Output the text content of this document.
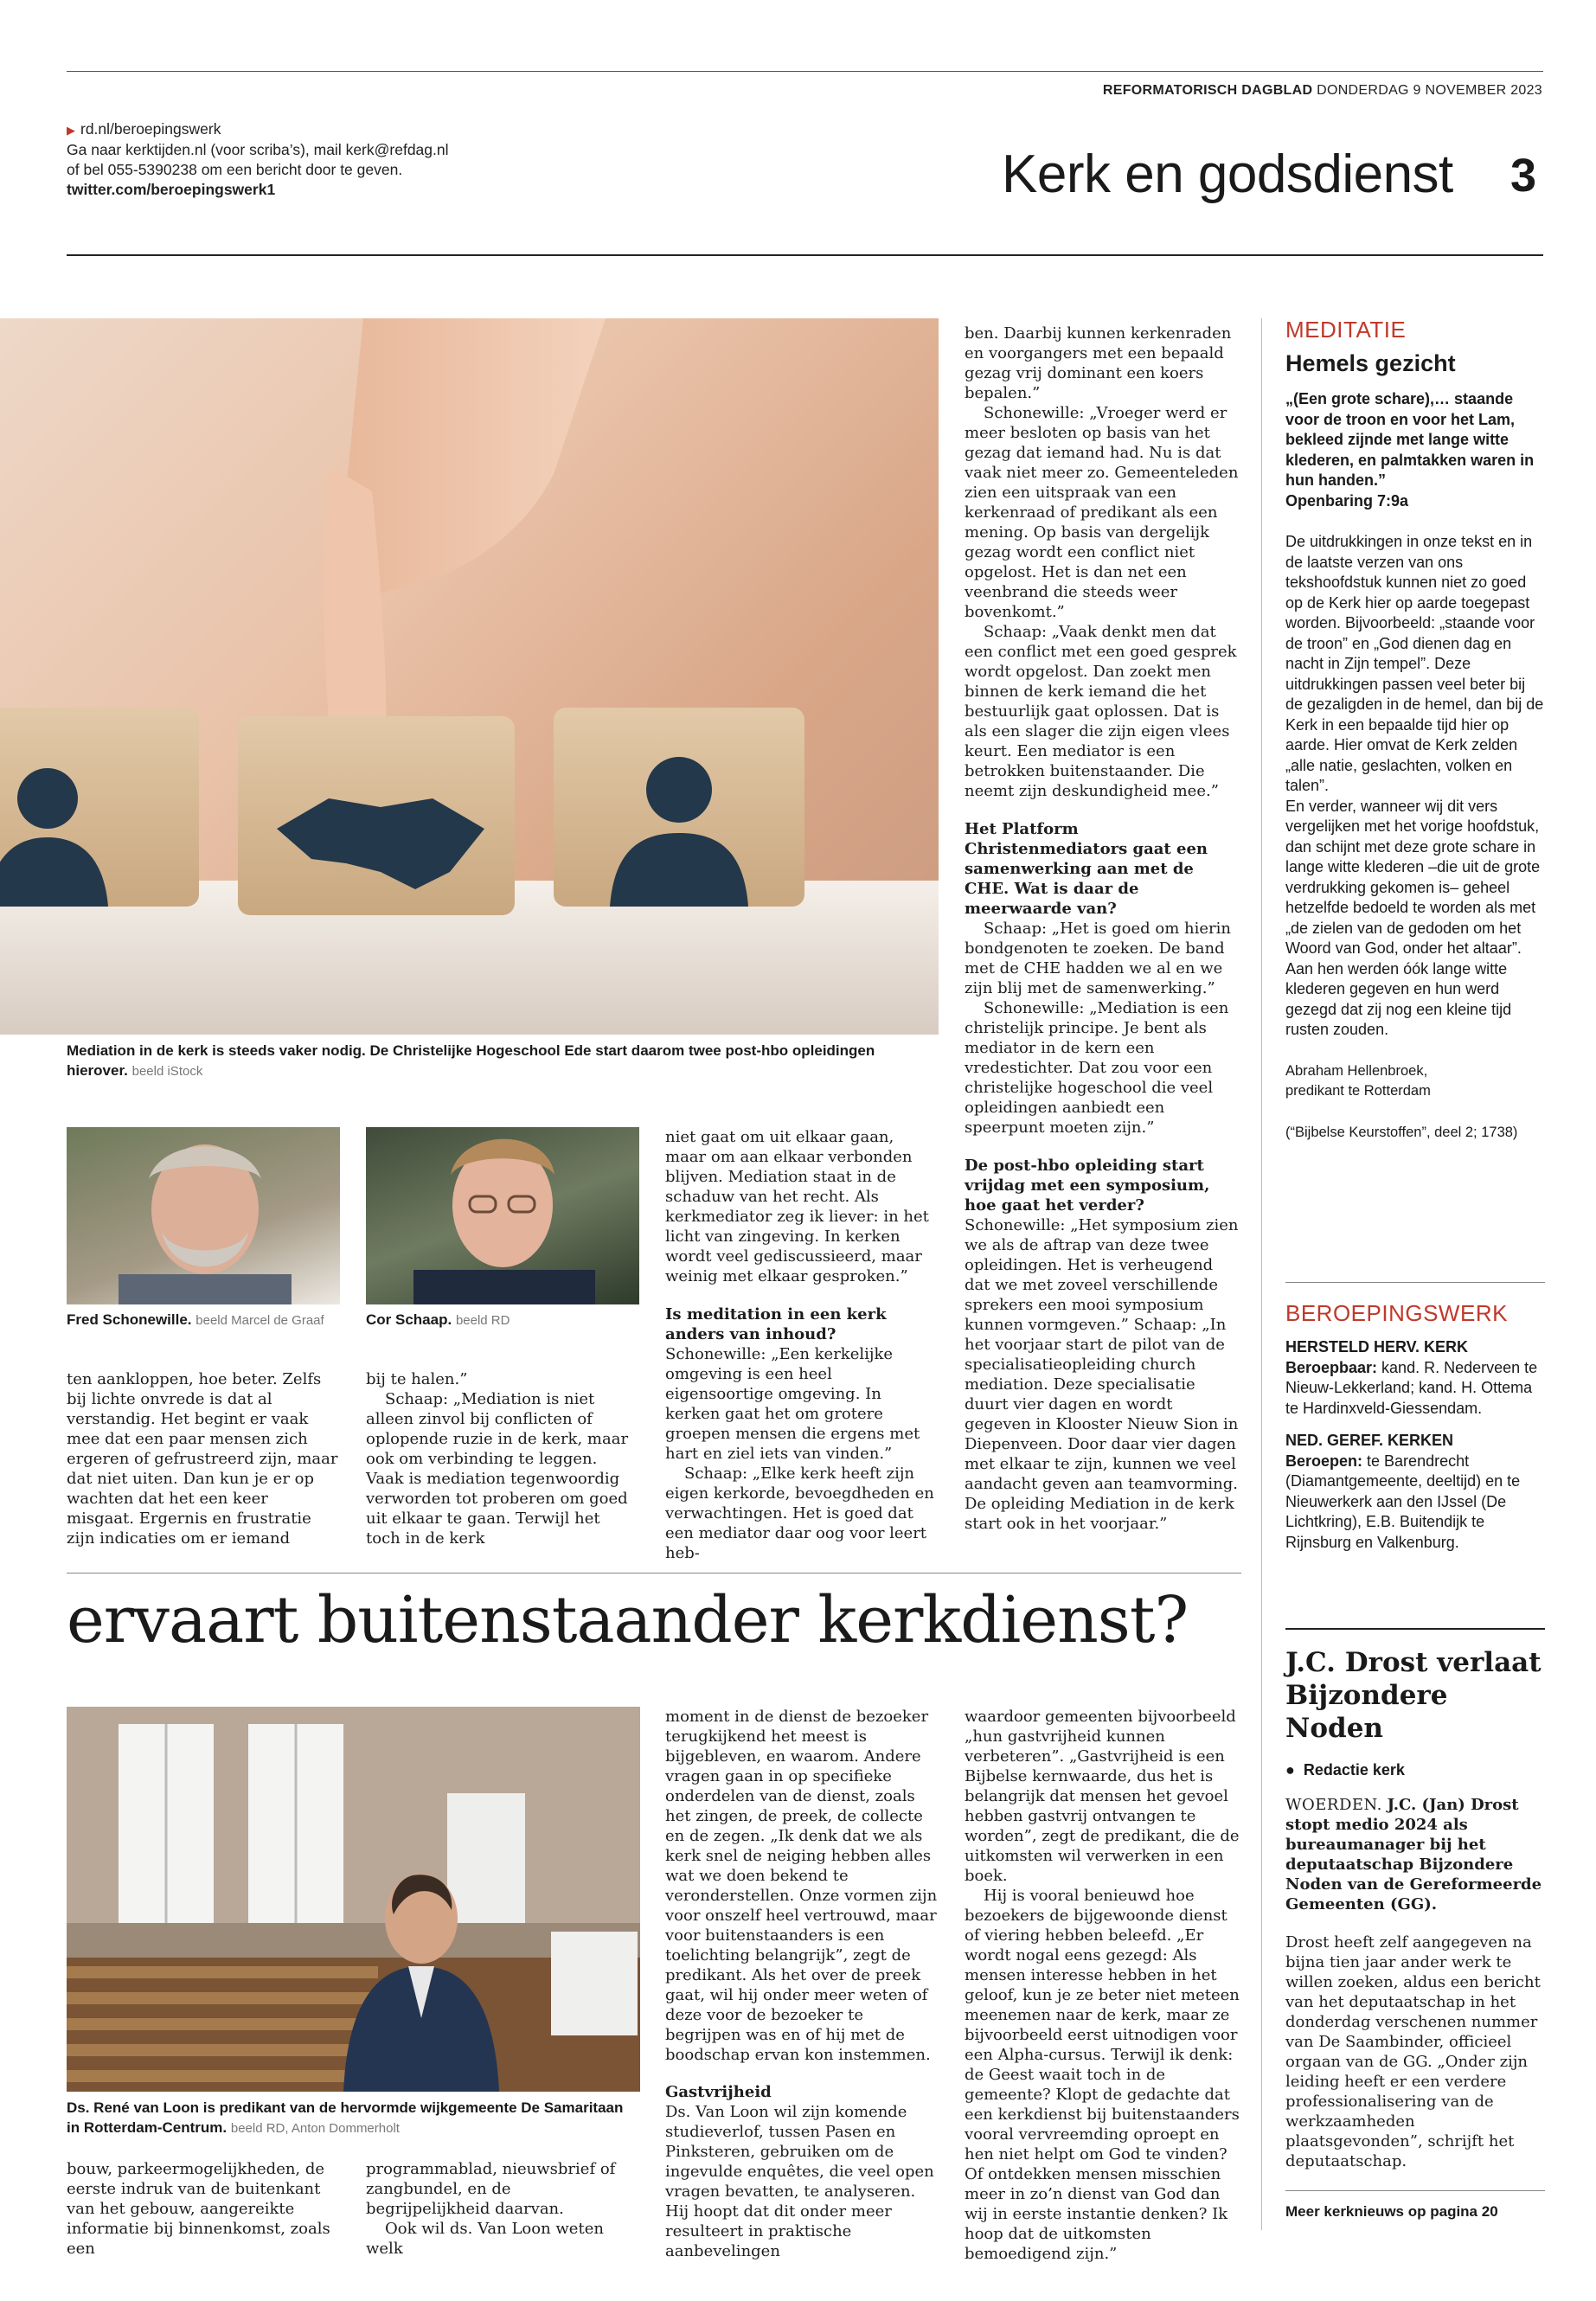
REFORMATORISCH DAGBLAD DONDERDAG 9 NOVEMBER 2023
▶ rd.nl/beroepingswerk
Ga naar kerktijden.nl (voor scriba’s), mail kerk@refdag.nl
of bel 055-5390238 om een bericht door te geven.
twitter.com/beroepingswerk1	Kerk en godsdienst 3
Mediation in de kerk is steeds vaker nodig. De Christelijke Hogeschool Ede start daarom twee post-hbo opleidingen hierover. beeld iStock
Fred Schonewille. beeld Marcel de Graaf	Cor Schaap. beeld RD

ten aankloppen, hoe beter. Zelfs bij lichte onvrede is dat al verstandig. Het begint er vaak mee dat een paar mensen zich ergeren of gefrustreerd zijn, maar dat niet uiten. Dan kun je er op wachten dat het een keer misgaat. Ergernis en frustratie zijn indicaties om er iemand

bij te halen.”

Schaap: „Mediation is niet alleen zinvol bij conflicten of oplopende ruzie in de kerk, maar ook om verbinding te leggen. Vaak is mediation tegenwoordig verworden tot proberen om goed uit elkaar te gaan. Terwijl het toch in de kerk

niet gaat om uit elkaar gaan, maar om aan elkaar verbonden blijven. Mediation staat in de schaduw van het recht. Als kerkmediator zeg ik liever: in het licht van zingeving. In kerken wordt veel gediscussieerd, maar weinig met elkaar gesproken.”

Is meditation in een kerk anders van inhoud?

Schonewille: „Een kerkelijke omgeving is een heel eigensoortige omgeving. In kerken gaat het om grotere groepen mensen die ergens met hart en ziel iets van vinden.”

Schaap: „Elke kerk heeft zijn eigen kerkorde, bevoegdheden en verwachtingen. Het is goed dat een mediator daar oog voor leert heb-

ben. Daarbij kunnen kerkenraden en voorgangers met een bepaald gezag vrij dominant een koers bepalen.”

Schonewille: „Vroeger werd er meer besloten op basis van het gezag dat iemand had. Nu is dat vaak niet meer zo. Gemeenteleden zien een uitspraak van een kerkenraad of predikant als een mening. Op basis van dergelijk gezag wordt een conflict niet opgelost. Het is dan net een veenbrand die steeds weer bovenkomt.”

Schaap: „Vaak denkt men dat een conflict met een goed gesprek wordt opgelost. Dan zoekt men binnen de kerk iemand die het bestuurlijk gaat oplossen. Dat is als een slager die zijn eigen vlees keurt. Een mediator is een betrokken buitenstaander. Die neemt zijn deskundigheid mee.”

Het Platform Christenmediators gaat een samenwerking aan met de CHE. Wat is daar de meerwaarde van?

Schaap: „Het is goed om hierin bondgenoten te zoeken. De band met de CHE hadden we al en we zijn blij met de samenwerking.”

Schonewille: „Mediation is een christelijk principe. Je bent als mediator in de kern een vredestichter. Dat zou voor een christelijke hogeschool die veel opleidingen aanbiedt een speerpunt moeten zijn.”

De post-hbo opleiding start vrijdag met een symposium, hoe gaat het verder?

Schonewille: „Het symposium zien we als de aftrap van deze twee opleidingen. Het is verheugend dat we met zoveel verschillende sprekers een mooi symposium kunnen vormgeven.” Schaap: „In het voorjaar start de pilot van de specialisatieopleiding church mediation. Deze specialisatie duurt vier dagen en wordt gegeven in Klooster Nieuw Sion in Diepenveen. Door daar vier dagen met elkaar te zijn, kunnen we veel aandacht geven aan teamvorming. De opleiding Mediation in de kerk start ook in het voorjaar.”

ervaart buitenstaander kerkdienst?
Ds. René van Loon is predikant van de hervormde wijkgemeente De Samaritaan in Rotterdam-Centrum. beeld RD, Anton Dommerholt

bouw, parkeermogelijkheden, de eerste indruk van de buitenkant van het gebouw, aangereikte informatie bij binnenkomst, zoals een

programmablad, nieuwsbrief of zangbundel, en de begrijpelijkheid daarvan.

Ook wil ds. Van Loon weten welk

moment in de dienst de bezoeker terugkijkend het meest is bijgebleven, en waarom. Andere vragen gaan in op specifieke onderdelen van de dienst, zoals het zingen, de preek, de collecte en de zegen. „Ik denk dat we als kerk snel de neiging hebben alles wat we doen bekend te veronderstellen. Onze vormen zijn voor onszelf heel vertrouwd, maar voor buitenstaanders is een toelichting belangrijk”, zegt de predikant. Als het over de preek gaat, wil hij onder meer weten of deze voor de bezoeker te begrijpen was en of hij met de boodschap ervan kon instemmen.

Gastvrijheid

Ds. Van Loon wil zijn komende studieverlof, tussen Pasen en Pinksteren, gebruiken om de ingevulde enquêtes, die veel open vragen bevatten, te analyseren. Hij hoopt dat dit onder meer resulteert in praktische aanbevelingen

waardoor gemeenten bijvoorbeeld „hun gastvrijheid kunnen verbeteren”. „Gastvrijheid is een Bijbelse kernwaarde, dus het is belangrijk dat mensen het gevoel hebben gastvrij ontvangen te worden”, zegt de predikant, die de uitkomsten wil verwerken in een boek.

Hij is vooral benieuwd hoe bezoekers de bijgewoonde dienst of viering hebben beleefd. „Er wordt nogal eens gezegd: Als mensen interesse hebben in het geloof, kun je ze beter niet meteen meenemen naar de kerk, maar ze bijvoorbeeld eerst uitnodigen voor een Alpha-cursus. Terwijl ik denk: de Geest waait toch in de gemeente? Klopt de gedachte dat een kerkdienst bij buitenstaanders vooral vervreemding oproept en hen niet helpt om God te vinden? Of ontdekken mensen misschien meer in zo’n dienst van God dan wij in eerste instantie denken? Ik hoop dat de uitkomsten bemoedigend zijn.”

MEDITATIE
Hemels gezicht
„(Een grote schare),… staande voor de troon en voor het Lam, bekleed zijnde met lange witte klederen, en palmtakken waren in hun handen.”
Openbaring 7:9a
De uitdrukkingen in onze tekst en in de laatste verzen van ons tekshoofdstuk kunnen niet zo goed op de Kerk hier op aarde toegepast worden. Bijvoorbeeld: „staande voor de troon” en „God dienen dag en nacht in Zijn tempel”. Deze uitdrukkingen passen veel beter bij de gezaligden in de hemel, dan bij de Kerk in een bepaalde tijd hier op aarde. Hier omvat de Kerk zelden „alle natie, geslachten, volken en talen”.
En verder, wanneer wij dit vers vergelijken met het vorige hoofdstuk, dan schijnt met deze grote schare in lange witte klederen –die uit de grote verdrukking gekomen is– geheel hetzelfde bedoeld te worden als met „de zielen van de gedoden om het Woord van God, onder het altaar”. Aan hen werden óók lange witte klederen gegeven en hun werd gezegd dat zij nog een kleine tijd rusten zouden.
Abraham Hellenbroek,
predikant te Rotterdam
(“Bijbelse Keurstoffen”, deel 2; 1738)
BEROEPINGSWERK
HERSTELD HERV. KERK
Beroepbaar: kand. R. Nederveen te Nieuw-Lekkerland; kand. H. Ottema te Hardinxveld-Giessendam.
NED. GEREF. KERKEN
Beroepen: te Barendrecht (Diamantgemeente, deeltijd) en te Nieuwerkerk aan den IJssel (De Lichtkring), E.B. Buitendijk te Rijnsburg en Valkenburg.
J.C. Drost verlaat Bijzondere Noden
●  Redactie kerk
WOERDEN. J.C. (Jan) Drost stopt medio 2024 als bureaumanager bij het deputaatschap Bijzondere Noden van de Gereformeerde Gemeenten (GG).
Drost heeft zelf aangegeven na bijna tien jaar ander werk te willen zoeken, aldus een bericht van het deputaatschap in het donderdag verschenen nummer van De Saambinder, officieel orgaan van de GG. „Onder zijn leiding heeft er een verdere professionalisering van de werkzaamheden plaatsgevonden”, schrijft het deputaatschap.
Meer kerknieuws op pagina 20
